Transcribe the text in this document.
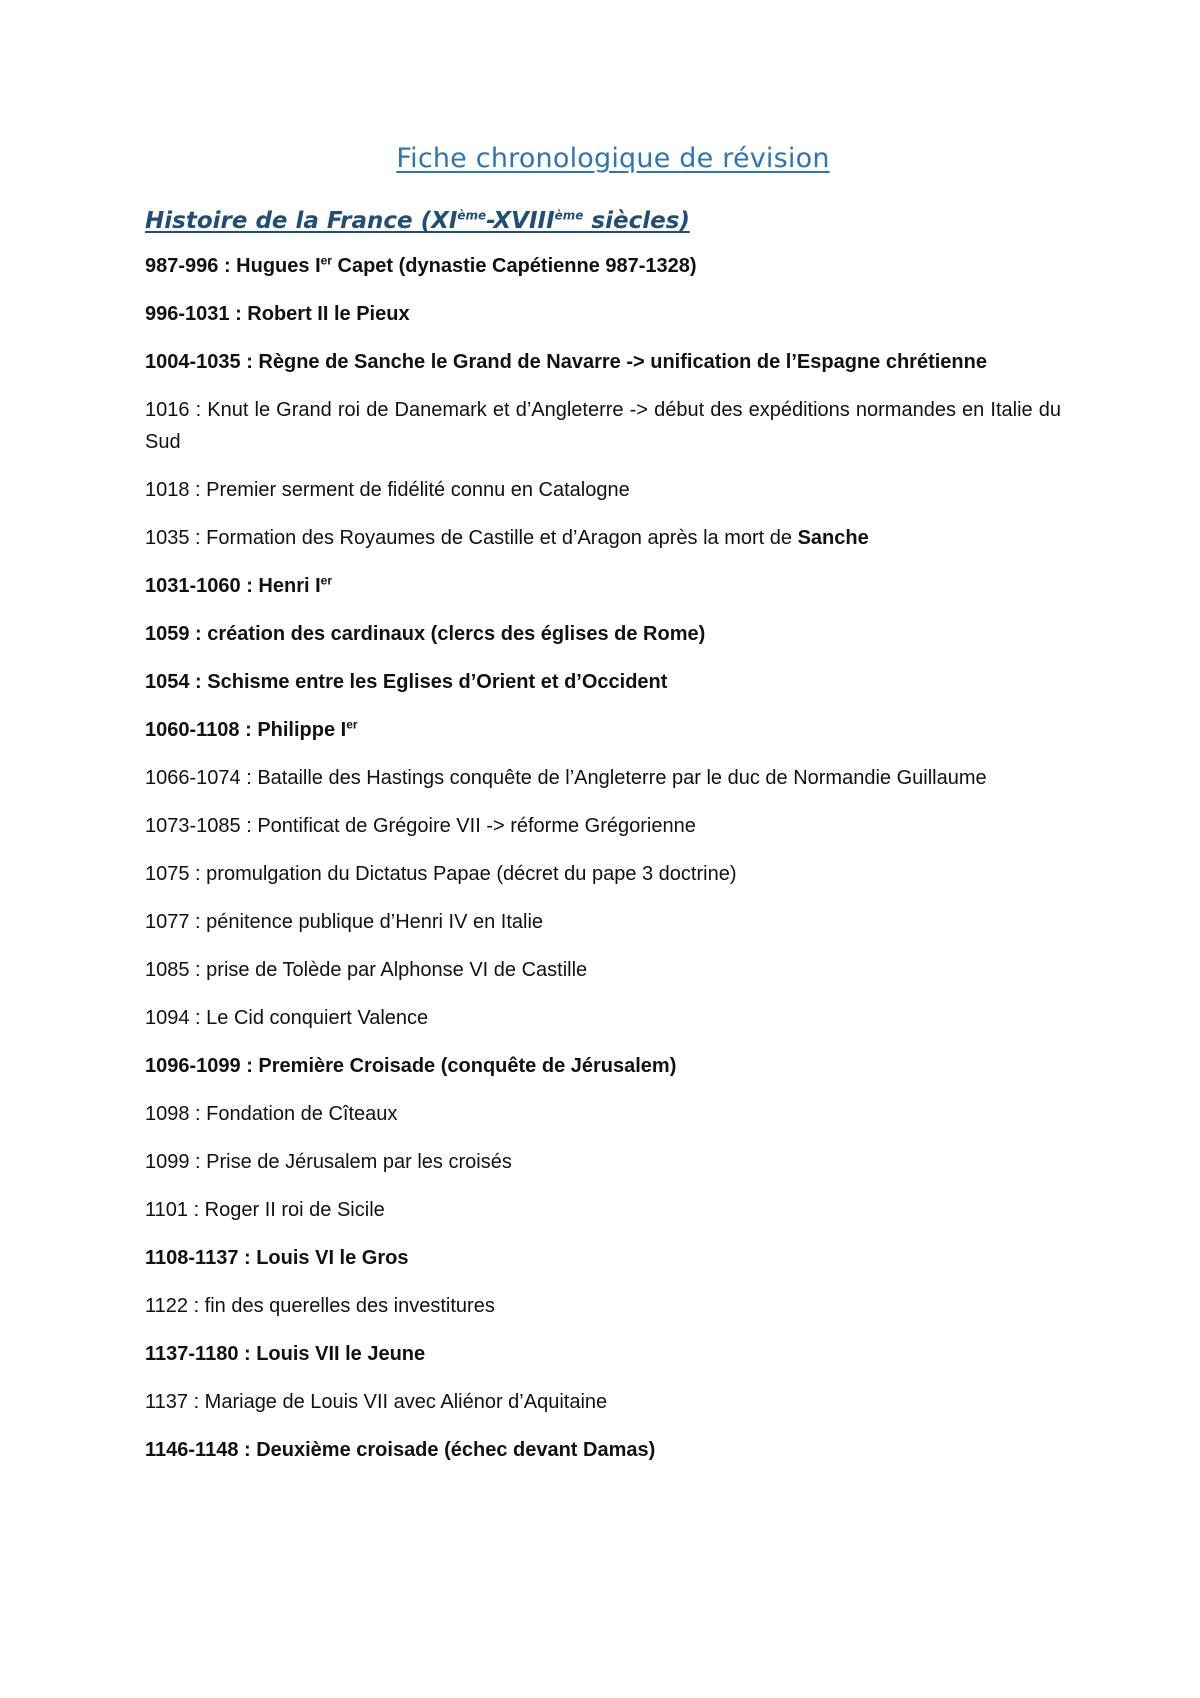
Fiche chronologique de révision
Histoire de la France (XIème-XVIIIème siècles)
987-996 : Hugues Ier Capet (dynastie Capétienne 987-1328)
996-1031 : Robert II le Pieux
1004-1035 : Règne de Sanche le Grand de Navarre -> unification de l’Espagne chrétienne
1016 : Knut le Grand roi de Danemark et d’Angleterre -> début des expéditions normandes en Italie du Sud
1018 : Premier serment de fidélité connu en Catalogne
1035 : Formation des Royaumes de Castille et d’Aragon après la mort de Sanche
1031-1060 : Henri Ier
1059 : création des cardinaux (clercs des églises de Rome)
1054 : Schisme entre les Eglises d’Orient et d’Occident
1060-1108 : Philippe Ier
1066-1074 : Bataille des Hastings conquête de l’Angleterre par le duc de Normandie Guillaume
1073-1085 : Pontificat de Grégoire VII -> réforme Grégorienne
1075 : promulgation du Dictatus Papae (décret du pape 3 doctrine)
1077 : pénitence publique d’Henri IV en Italie
1085 : prise de Tolède par Alphonse VI de Castille
1094 : Le Cid conquiert Valence
1096-1099 : Première Croisade (conquête de Jérusalem)
1098 : Fondation de Cîteaux
1099 : Prise de Jérusalem par les croisés
1101 : Roger II roi de Sicile
1108-1137 : Louis VI le Gros
1122 : fin des querelles des investitures
1137-1180 : Louis VII le Jeune
1137 : Mariage de Louis VII avec Aliénor d’Aquitaine
1146-1148 : Deuxième croisade (échec devant Damas)
